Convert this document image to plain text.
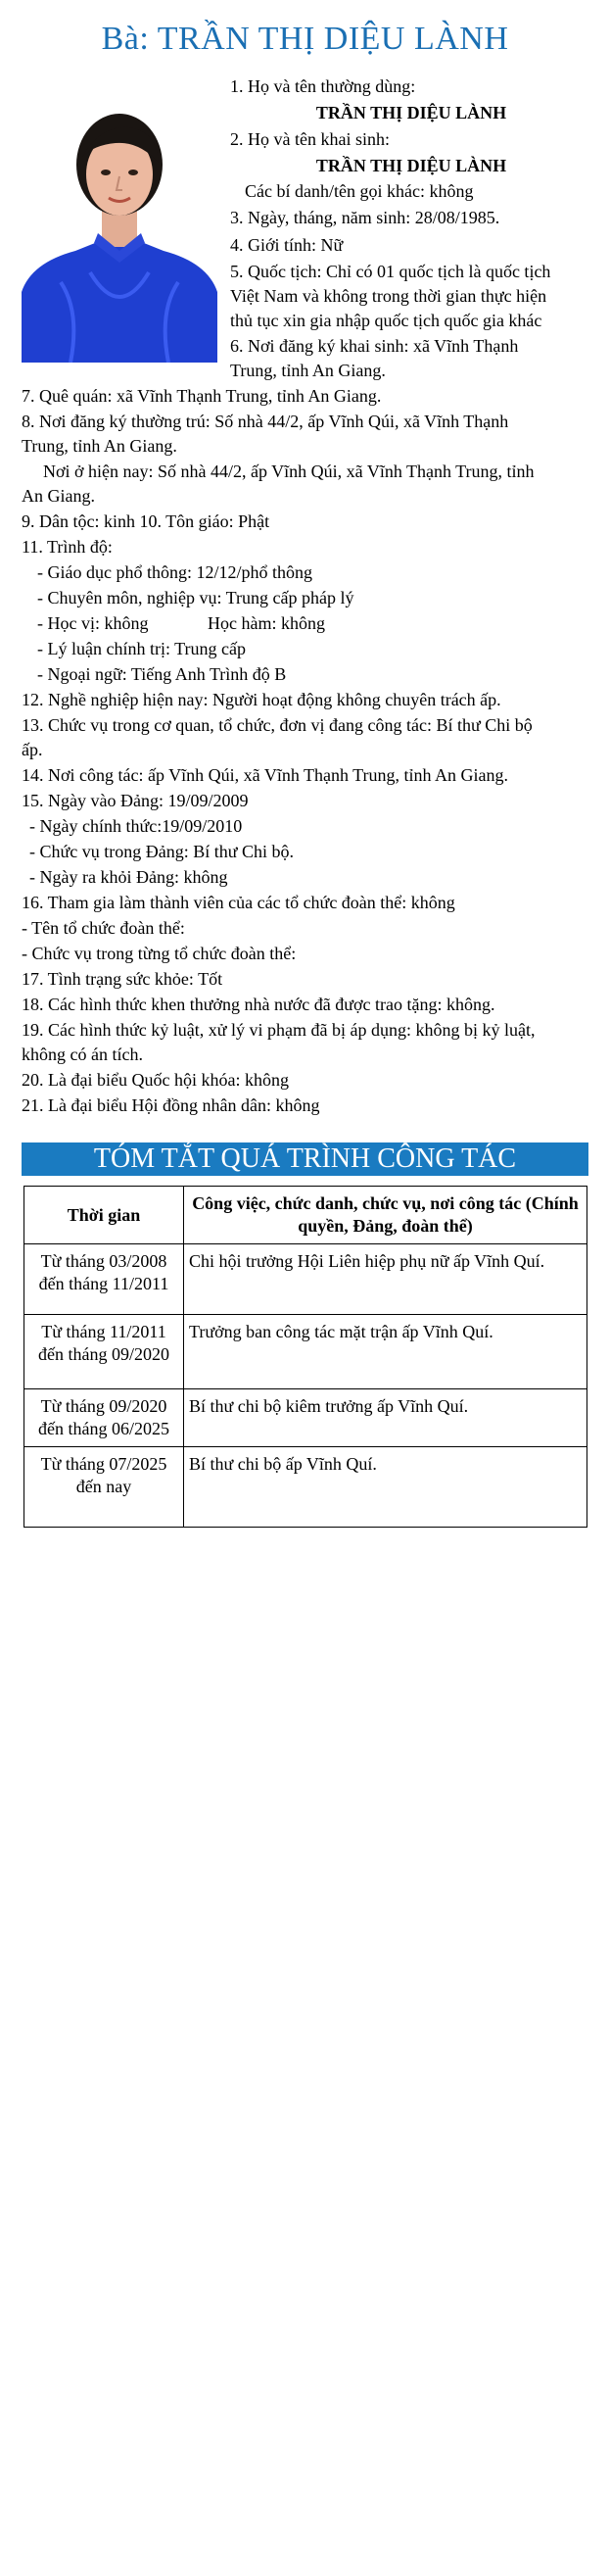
Bà: TRẦN THỊ DIỆU LÀNH
1. Họ và tên thường dùng:
TRẦN THỊ DIỆU LÀNH
2. Họ và tên khai sinh:
TRẦN THỊ DIỆU LÀNH
Các bí danh/tên gọi khác: không
3. Ngày, tháng, năm sinh: 28/08/1985.
4. Giới tính: Nữ
5. Quốc tịch: Chỉ có 01 quốc tịch là quốc tịch
Việt Nam và không trong thời gian thực hiện
thủ tục xin gia nhập quốc tịch quốc gia khác
6. Nơi đăng ký khai sinh: xã Vĩnh Thạnh
Trung, tỉnh An Giang.
7. Quê quán: xã Vĩnh Thạnh Trung, tỉnh An Giang.
8. Nơi đăng ký thường trú: Số nhà 44/2, ấp Vĩnh Qúi, xã Vĩnh Thạnh
Trung, tỉnh An Giang.
Nơi ở hiện nay: Số nhà 44/2, ấp Vĩnh Qúi, xã Vĩnh Thạnh Trung, tỉnh
An Giang.
9. Dân tộc: kinh 10. Tôn giáo: Phật
11. Trình độ:
- Giáo dục phổ thông: 12/12/phổ thông
- Chuyên môn, nghiệp vụ: Trung cấp pháp lý
- Học vị: không	Học hàm: không
- Lý luận chính trị: Trung cấp
- Ngoại ngữ: Tiếng Anh Trình độ B
12. Nghề nghiệp hiện nay: Người hoạt động không chuyên trách ấp.
13. Chức vụ trong cơ quan, tổ chức, đơn vị đang công tác: Bí thư Chi bộ
ấp.
14. Nơi công tác: ấp Vĩnh Qúi, xã Vĩnh Thạnh Trung, tỉnh An Giang.
15. Ngày vào Đảng: 19/09/2009
- Ngày chính thức:19/09/2010
- Chức vụ trong Đảng: Bí thư Chi bộ.
- Ngày ra khỏi Đảng: không
16. Tham gia làm thành viên của các tổ chức đoàn thể: không
- Tên tổ chức đoàn thể:
- Chức vụ trong từng tổ chức đoàn thể:
17. Tình trạng sức khỏe: Tốt
18. Các hình thức khen thưởng nhà nước đã được trao tặng: không.
19. Các hình thức kỷ luật, xử lý vi phạm đã bị áp dụng: không bị kỷ luật,
không có án tích.
20. Là đại biểu Quốc hội khóa: không
21. Là đại biểu Hội đồng nhân dân: không
TÓM TẮT QUÁ TRÌNH CÔNG TÁC
Thời gian	Công việc, chức danh, chức vụ, nơi công tác (Chính quyền, Đảng, đoàn thể)
Từ tháng 03/2008 đến tháng 11/2011	Chi hội trưởng Hội Liên hiệp phụ nữ ấp Vĩnh Quí.
Từ tháng 11/2011 đến tháng 09/2020	Trưởng ban công tác mặt trận ấp Vĩnh Quí.
Từ tháng 09/2020 đến tháng 06/2025	Bí thư chi bộ kiêm trưởng ấp Vĩnh Quí.
Từ tháng 07/2025 đến nay	Bí thư chi bộ ấp Vĩnh Quí.
